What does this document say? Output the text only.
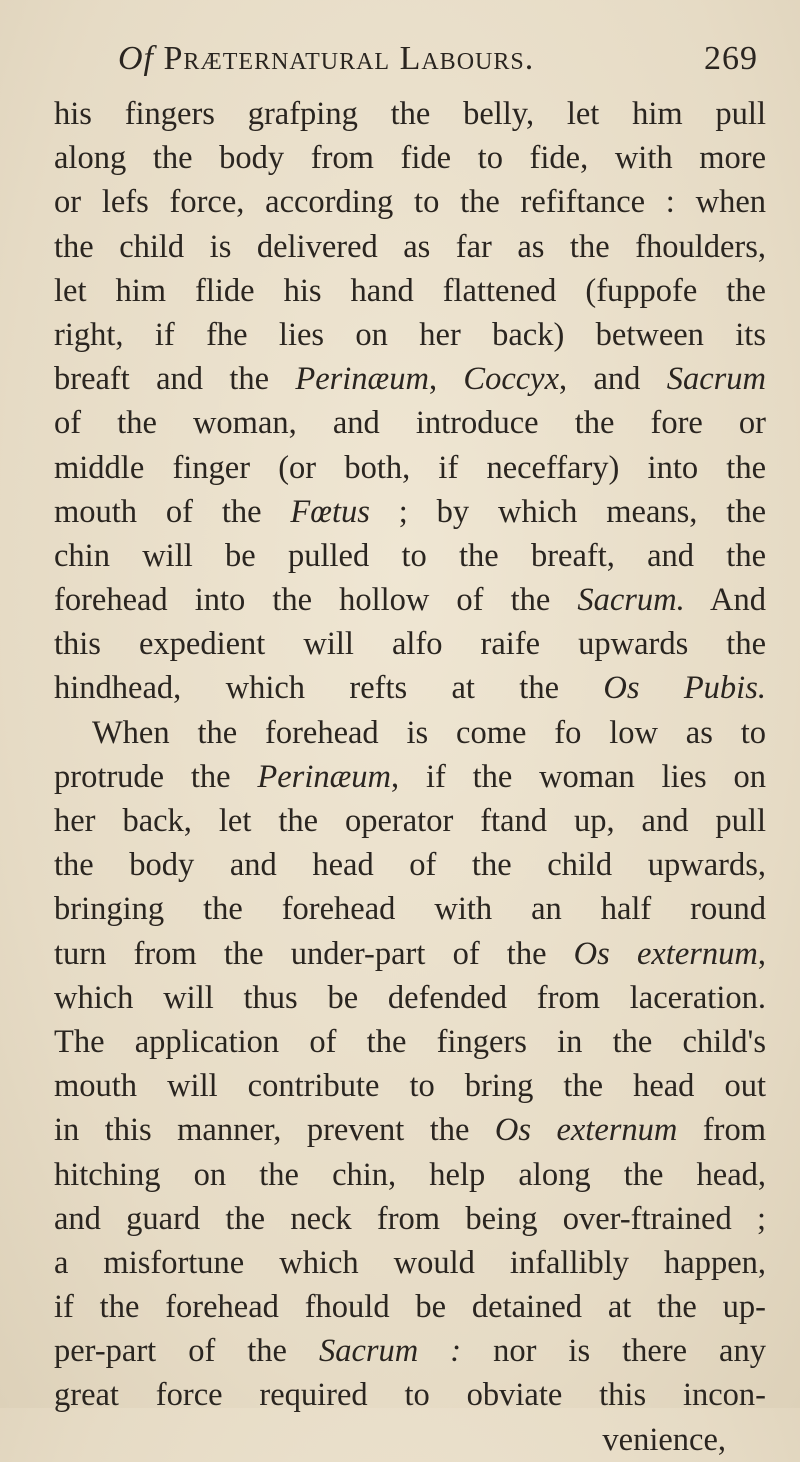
Of Præternatural Labours.	269
his fingers grafping the belly, let him pull
along the body from fide to fide, with more
or lefs force, according to the refiftance : when
the child is delivered as far as the fhoulders,
let him flide his hand flattened (fuppofe the
right, if fhe lies on her back) between its
breaft and the Perinæum, Coccyx, and Sacrum
of the woman, and introduce the fore or
middle finger (or both, if neceffary) into the
mouth of the Fœtus ; by which means, the
chin will be pulled to the breaft, and the
forehead into the hollow of the Sacrum. And
this expedient will alfo raife upwards the
hindhead, which refts at the Os Pubis.
When the forehead is come fo low as to
protrude the Perinæum, if the woman lies on
her back, let the operator ftand up, and pull
the body and head of the child upwards,
bringing the forehead with an half round
turn from the under-part of the Os externum,
which will thus be defended from laceration.
The application of the fingers in the child's
mouth will contribute to bring the head out
in this manner, prevent the Os externum from
hitching on the chin, help along the head,
and guard the neck from being over-ftrained ;
a misfortune which would infallibly happen,
if the forehead fhould be detained at the up-
per-part of the Sacrum : nor is there any
great force required to obviate this incon-
venience,
